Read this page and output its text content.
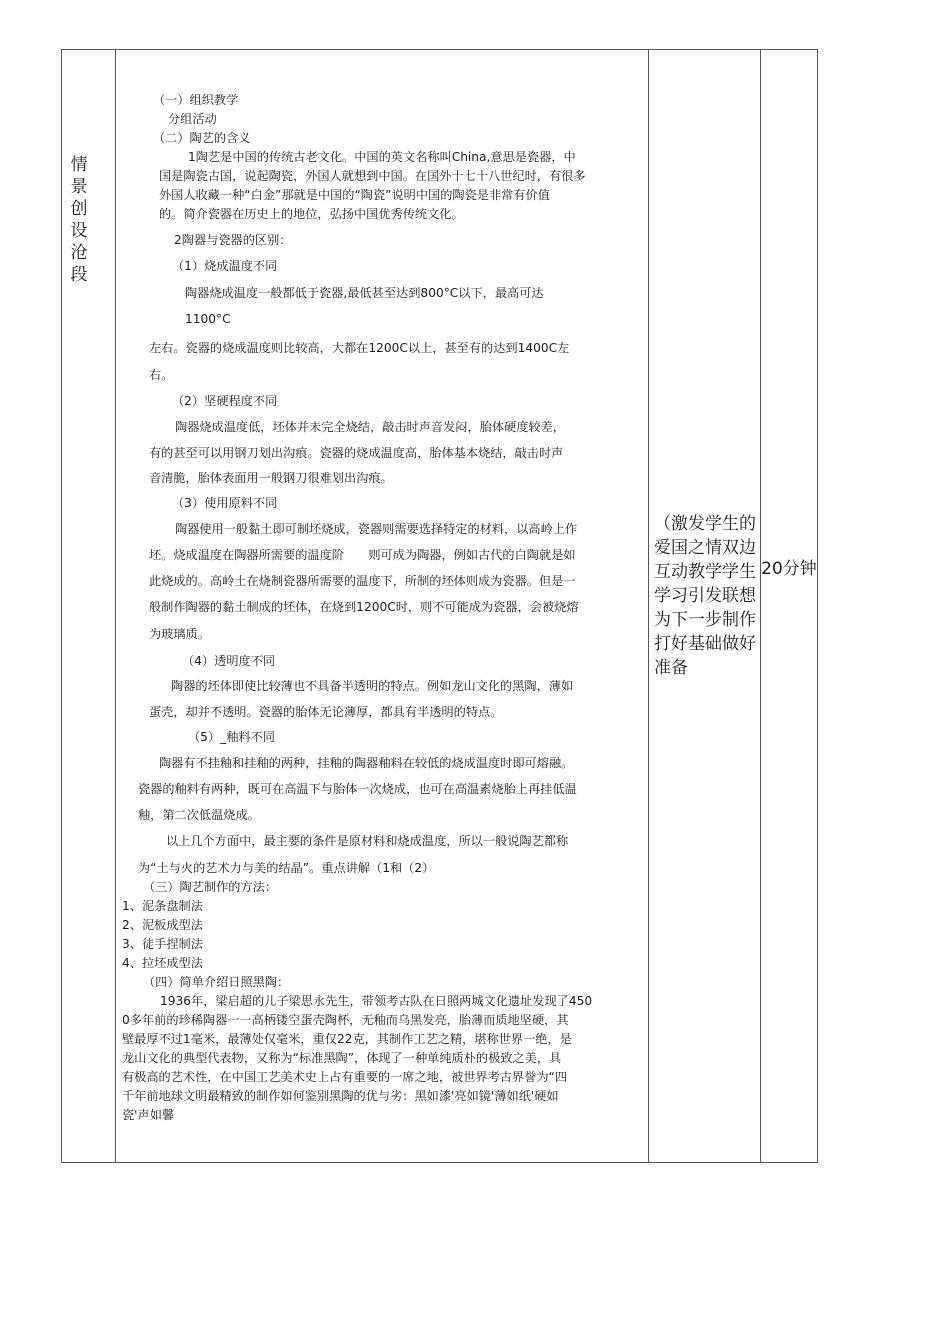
情景创设沧段
（一）组织教学
分组活动
（二）陶艺的含义
1陶艺是中国的传统古老文化。中国的英文名称叫China,意思是瓷器，中
国是陶瓷古国，说起陶瓷，外国人就想到中国。在国外十七十八世纪时，有很多
外国人收藏一种“白金”那就是中国的“陶瓷”说明中国的陶瓷是非常有价值
的。简介瓷器在历史上的地位，弘扬中国优秀传统文化。
2陶器与瓷器的区别：
（1）烧成温度不同
陶器烧成温度一般都低于瓷器,最低甚至达到800°C以下，最高可达
1100°C
左右。瓷器的烧成温度则比较高，大都在1200C以上，甚至有的达到1400C左
右。
（2）坚硬程度不同
陶器烧成温度低，坯体并未完全烧结，敲击时声音发闷，胎体硬度较差，
有的甚至可以用钢刀划出沟痕。瓷器的烧成温度高，胎体基本烧结，敲击时声
音清脆，胎体表面用一般钢刀很难划出沟痕。
（3）使用原料不同
陶器使用一般黏土即可制坯烧成，瓷器则需要选择特定的材料，以高岭上作
坯。烧成温度在陶器所需要的温度阶　　则可成为陶器，例如古代的白陶就是如
此烧成的。高岭土在烧制瓷器所需要的温度下，所制的坯体则成为瓷器。但是一
般制作陶器的黏土制成的坯体，在烧到1200C时，则不可能成为瓷器，会被烧熔
为玻璃质。
（4）透明度不同
陶器的坯体即使比较薄也不具备半透明的特点。例如龙山文化的黑陶，薄如
蛋壳，却并不透明。瓷器的胎体无论薄厚，都具有半透明的特点。
（5）_釉料不同
陶器有不挂釉和挂釉的两种，挂釉的陶器釉料在较低的烧成温度时即可熔融。
瓷器的釉料有两种，既可在高温下与胎体一次烧成，也可在高温素烧胎上再挂低温
釉，第二次低温烧成。
以上几个方面中，最主要的条件是原材料和烧成温度，所以一般说陶艺都称
为“土与火的艺术力与美的结晶”。重点讲解（1和（2）
（三）陶艺制作的方法：
1、泥条盘制法
2、泥板成型法
3、徒手捏制法
4、拉坯成型法
（四）简单介绍日照黑陶：
1936年，梁启超的儿子梁思永先生，带领考古队在日照两城文化遗址发现了450
0多年前的珍稀陶器一一高柄镂空蛋壳陶杯，无釉而乌黑发亮，胎薄而质地坚硬，其
壁最厚不过1毫米，最薄处仅毫米，重仅22克，其制作工艺之精，堪称世界一绝，是
龙山文化的典型代表物，又称为“标准黑陶”，体现了一种单纯质朴的极致之美，具
有极高的艺术性，在中国工艺美术史上占有重要的一席之地，被世界考古界誉为“四
千年前地球文明最精致的制作如何鉴别黑陶的优与劣：黑如漆'亮如镜'薄如纸'硬如
瓷'声如馨
（激发学生的爱国之情双边互动教学学生学习引发联想为下一步制作打好基础做好准备
20分钟
